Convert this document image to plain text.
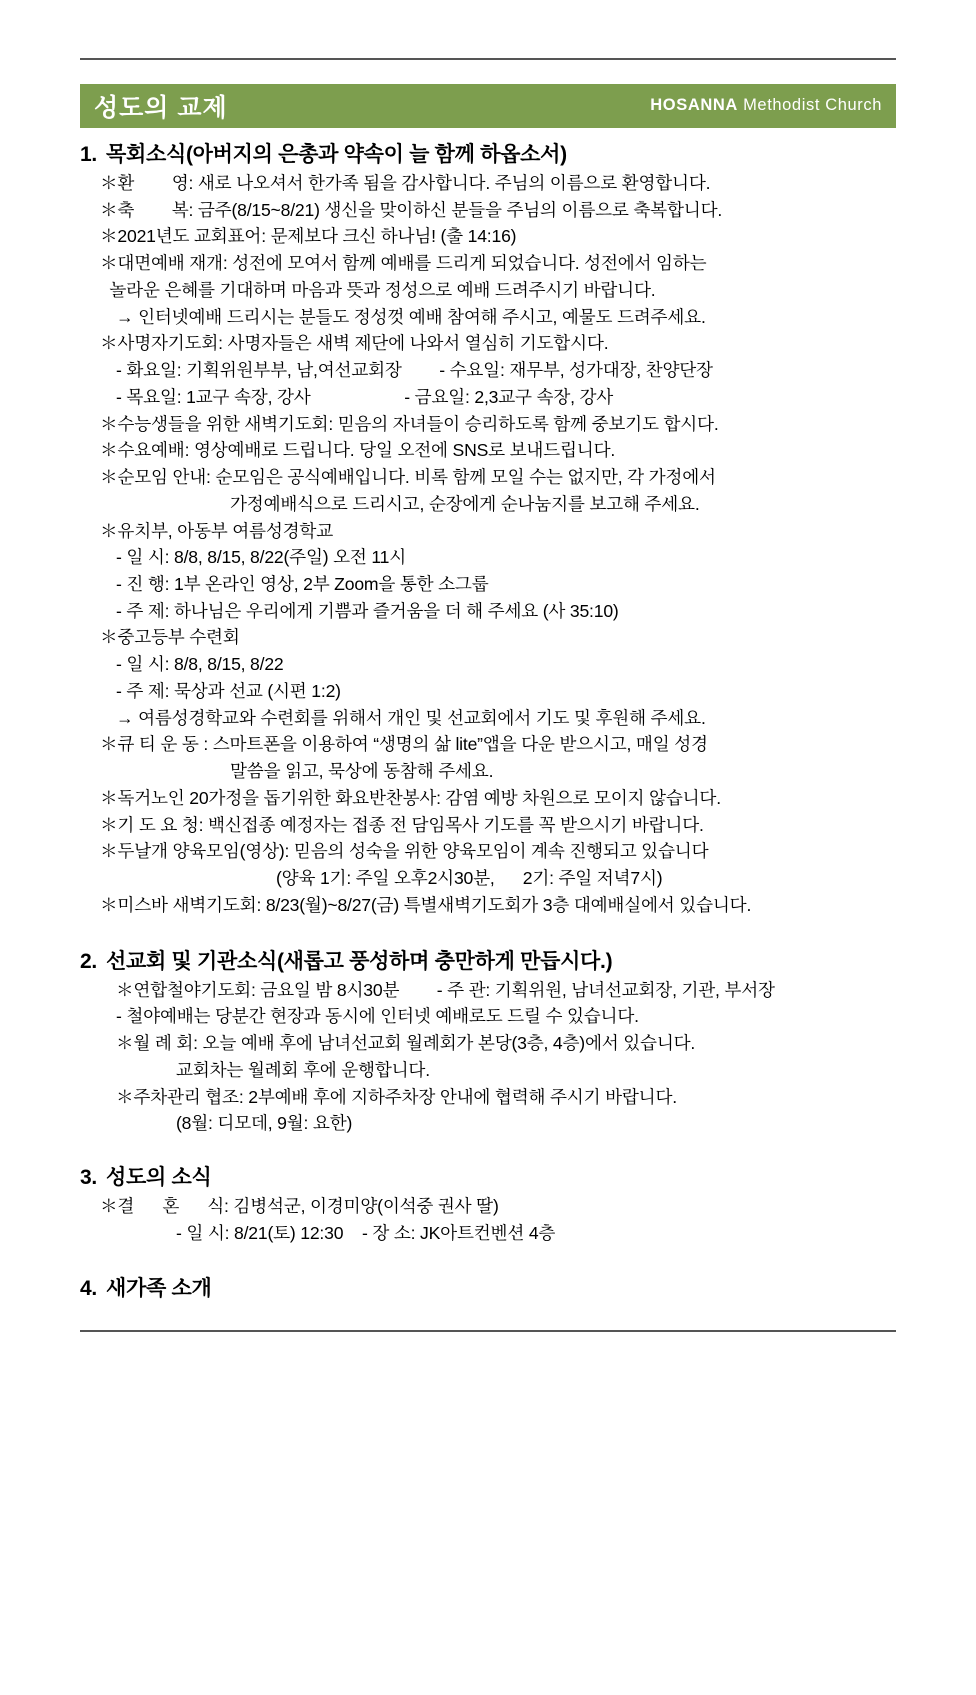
성도의 교제	HOSANNA Methodist Church
1. 목회소식(아버지의 은총과 약속이 늘 함께 하옵소서)
＊환        영: 새로 나오셔서 한가족 됨을 감사합니다. 주님의 이름으로 환영합니다.
＊축        복: 금주(8/15~8/21) 생신을 맞이하신 분들을 주님의 이름으로 축복합니다.
＊2021년도 교회표어: 문제보다 크신 하나님! (출 14:16)
＊대면예배 재개: 성전에 모여서 함께 예배를 드리게 되었습니다. 성전에서 임하는
놀라운 은혜를 기대하며 마음과 뜻과 정성으로 예배 드려주시기 바랍니다.
→ 인터넷예배 드리시는 분들도 정성껏 예배 참여해 주시고, 예물도 드려주세요.
＊사명자기도회: 사명자들은 새벽 제단에 나와서 열심히 기도합시다.
- 화요일: 기획위원부부, 남,여선교회장        - 수요일: 재무부, 성가대장, 찬양단장
- 목요일: 1교구 속장, 강사                    - 금요일: 2,3교구 속장, 강사
＊수능생들을 위한 새벽기도회: 믿음의 자녀들이 승리하도록 함께 중보기도 합시다.
＊수요예배: 영상예배로 드립니다. 당일 오전에 SNS로 보내드립니다.
＊순모임 안내: 순모임은 공식예배입니다. 비록 함께 모일 수는 없지만, 각 가정에서
가정예배식으로 드리시고, 순장에게 순나눔지를 보고해 주세요.
＊유치부, 아동부 여름성경학교
- 일 시: 8/8, 8/15, 8/22(주일) 오전 11시
- 진 행: 1부 온라인 영상, 2부 Zoom을 통한 소그룹
- 주 제: 하나님은 우리에게 기쁨과 즐거움을 더 해 주세요 (사 35:10)
＊중고등부 수련회
- 일 시: 8/8, 8/15, 8/22
- 주 제: 묵상과 선교 (시편 1:2)
→ 여름성경학교와 수련회를 위해서 개인 및 선교회에서 기도 및 후원해 주세요.
＊큐 티 운 동 : 스마트폰을 이용하여 “생명의 삶 lite”앱을 다운 받으시고, 매일 성경
말씀을 읽고, 묵상에 동참해 주세요.
＊독거노인 20가정을 돕기위한 화요반찬봉사: 감염 예방 차원으로 모이지 않습니다.
＊기 도 요 청: 백신접종 예정자는 접종 전 담임목사 기도를 꼭 받으시기 바랍니다.
＊두날개 양육모임(영상): 믿음의 성숙을 위한 양육모임이 계속 진행되고 있습니다
(양육 1기: 주일 오후2시30분,      2기: 주일 저녁7시)
＊미스바 새벽기도회: 8/23(월)~8/27(금) 특별새벽기도회가 3층 대예배실에서 있습니다.
2. 선교회 및 기관소식(새롭고 풍성하며 충만하게 만듭시다.)
＊연합철야기도회: 금요일 밤 8시30분        - 주 관: 기획위원, 남녀선교회장, 기관, 부서장
- 철야예배는 당분간 현장과 동시에 인터넷 예배로도 드릴 수 있습니다.
＊월 례 회: 오늘 예배 후에 남녀선교회 월례회가 본당(3층, 4층)에서 있습니다.
교회차는 월례회 후에 운행합니다.
＊주차관리 협조: 2부예배 후에 지하주차장 안내에 협력해 주시기 바랍니다.
(8월: 디모데, 9월: 요한)
3. 성도의 소식
＊결      혼      식: 김병석군, 이경미양(이석중 권사 딸)
- 일 시: 8/21(토) 12:30    - 장 소: JK아트컨벤션 4층
4. 새가족 소개
